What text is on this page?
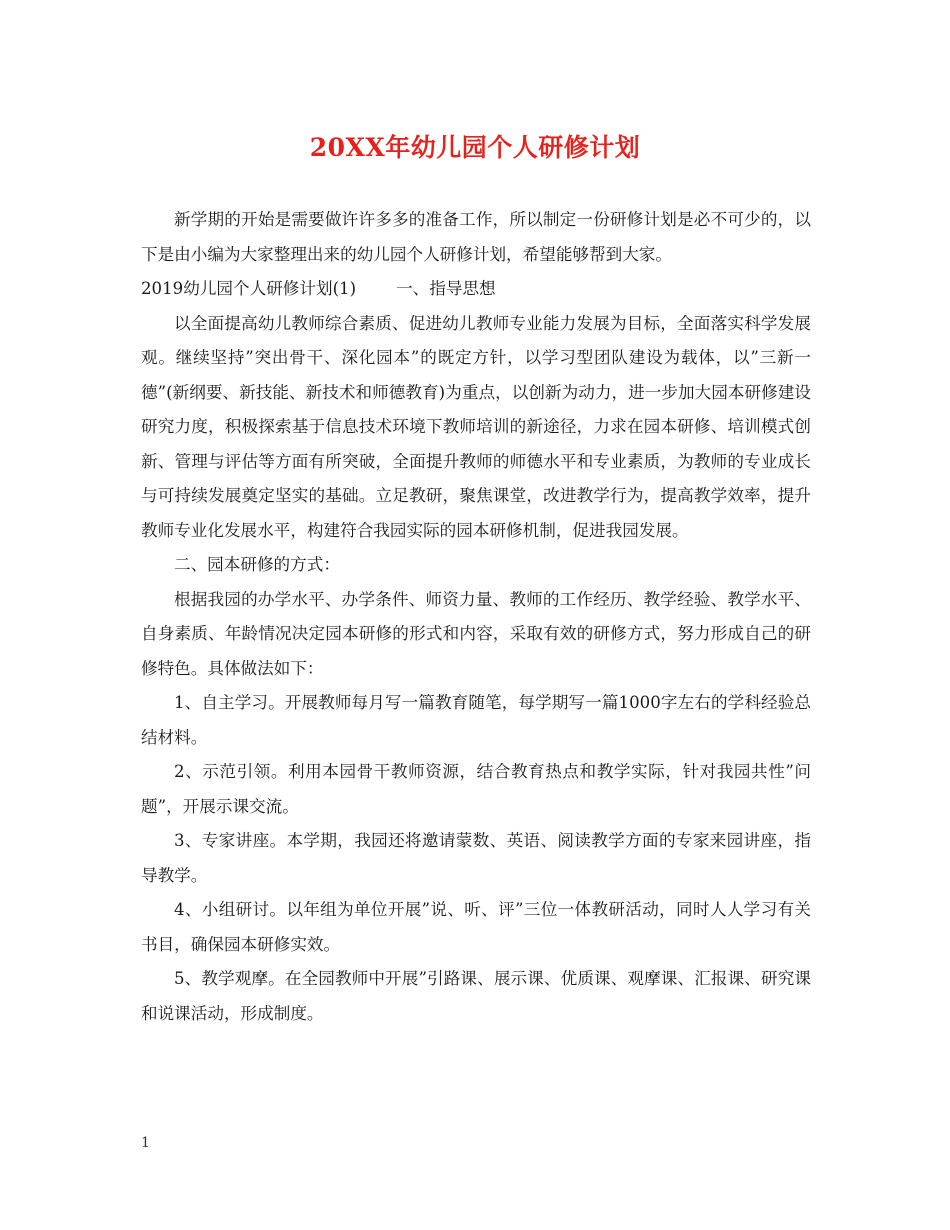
20XX年幼儿园个人研修计划

新学期的开始是需要做许许多多的准备工作，所以制定一份研修计划是必不可少的，以下是由小编为大家整理出来的幼儿园个人研修计划，希望能够帮到大家。

2019幼儿园个人研修计划(1) 一、指导思想

以全面提高幼儿教师综合素质、促进幼儿教师专业能力发展为目标，全面落实科学发展观。继续坚持”突出骨干、深化园本”的既定方针，以学习型团队建设为载体，以”三新一德”(新纲要、新技能、新技术和师德教育)为重点，以创新为动力，进一步加大园本研修建设研究力度，积极探索基于信息技术环境下教师培训的新途径，力求在园本研修、培训模式创新、管理与评估等方面有所突破，全面提升教师的师德水平和专业素质，为教师的专业成长与可持续发展奠定坚实的基础。立足教研，聚焦课堂，改进教学行为，提高教学效率，提升教师专业化发展水平，构建符合我园实际的园本研修机制，促进我园发展。

二、园本研修的方式：

根据我园的办学水平、办学条件、师资力量、教师的工作经历、教学经验、教学水平、自身素质、年龄情况决定园本研修的形式和内容，采取有效的研修方式，努力形成自己的研修特色。具体做法如下：

1、自主学习。开展教师每月写一篇教育随笔，每学期写一篇1000字左右的学科经验总结材料。

2、示范引领。利用本园骨干教师资源，结合教育热点和教学实际，针对我园共性”问题”，开展示课交流。

3、专家讲座。本学期，我园还将邀请蒙数、英语、阅读教学方面的专家来园讲座，指导教学。

4、小组研讨。以年组为单位开展”说、听、评”三位一体教研活动，同时人人学习有关书目，确保园本研修实效。

5、教学观摩。在全园教师中开展”引路课、展示课、优质课、观摩课、汇报课、研究课和说课活动，形成制度。

1
